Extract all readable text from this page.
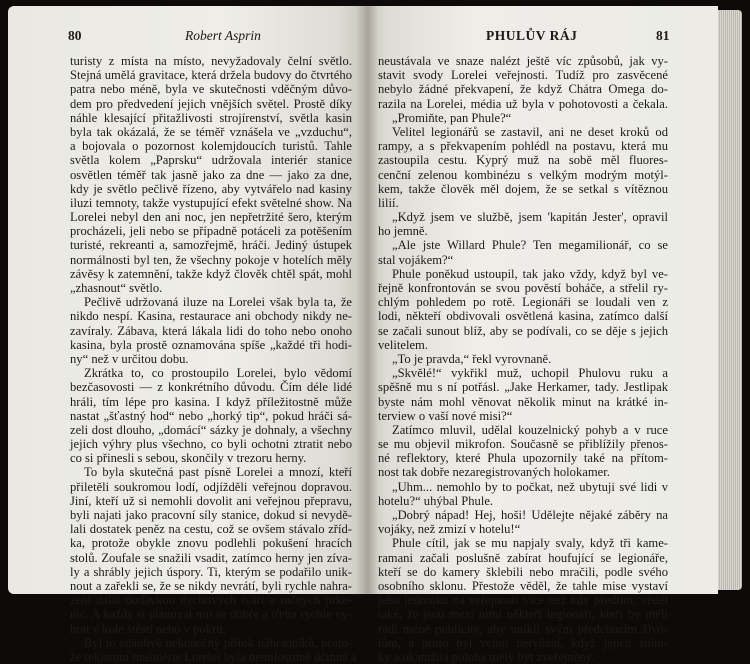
80	Robert Asprin
turisty z místa na místo, nevyžadovaly čelní světlo.
Stejná umělá gravitace, která držela budovy do čtvrtého
patra nebo méně, byla ve skutečnosti vděčným důvo-
dem pro předvedení jejich vnějších světel. Prostě díky
náhle klesající přitažlivosti strojírenství, světla kasin
byla tak okázalá, že se téměř vznášela ve „vzduchu“,
a bojovala o pozornost kolemjdoucích turistů. Tahle
světla kolem „Paprsku“ udržovala interiér stanice
osvětlen téměř tak jasně jako za dne — jako za dne,
kdy je světlo pečlivě řízeno, aby vytvářelo nad kasiny
iluzi temnoty, takže vystupující efekt světelné show. Na
Lorelei nebyl den ani noc, jen nepřetržité šero, kterým
procházeli, jeli nebo se případně potáceli za potěšením
turisté, rekreanti a, samozřejmě, hráči. Jediný ústupek
normálnosti byl ten, že všechny pokoje v hotelích měly
závěsy k zatemnění, takže když člověk chtěl spát, mohl
„zhasnout“ světlo.
Pečlivě udržovaná iluze na Lorelei však byla ta, že
nikdo nespí. Kasina, restaurace ani obchody nikdy ne-
zavíraly. Zábava, která lákala lidi do toho nebo onoho
kasina, byla prostě oznamována spíše „každé tři hodi-
ny“ než v určitou dobu.
Zkrátka to, co prostoupilo Lorelei, bylo vědomí
bezčasovosti — z konkrétního důvodu. Čím déle lidé
hráli, tím lépe pro kasina. I když příležitostně může
nastat „šťastný hod“ nebo „horký tip“, pokud hráči sá-
zeli dost dlouho, „domácí“ sázky je dohnaly, a všechny
jejich výhry plus všechno, co byli ochotni ztratit nebo
co si přinesli s sebou, skončily v trezoru herny.
To byla skutečná past písně Lorelei a mnozí, kteří
přiletěli soukromou lodí, odjížděli veřejnou dopravou.
Jiní, kteří už si nemohli dovolit ani veřejnou přepravu,
byli najati jako pracovní síly stanice, dokud si nevydě-
lali dostatek peněz na cestu, což se ovšem stávalo zříd-
ka, protože obykle znovu podlehli pokušení hracích
stolů. Zoufale se snažili vsadit, zatímco herny jen zíva-
ly a shrábly jejich úspory. Ti, kterým se podařilo unik-
nout a zařekli se, že se nikdy nevrátí, byli rychle nahra-
zeni další dodávkou dychtivých tváří a tučných prke-
nic. A každý si plánoval mít se dobře a třeba rychle vy-
hrát v kole štěstí nebo v pokru.
Byl to zdánlivě nekonečný přítok náhradníků, proto-
že reklamní mašinérie Lorelei byla nemilosrdně účinná a
PHULŮV RÁJ	81
neustávala ve snaze nalézt ještě víc způsobů, jak vy-
stavit svody Lorelei veřejnosti. Tudíž pro zasvěcené
nebylo žádné překvapení, že když Chátra Omega do-
razila na Lorelei, média už byla v pohotovosti a čekala.
„Promiňte, pan Phule?“
Velitel legionářů se zastavil, ani ne deset kroků od
rampy, a s překvapením pohlédl na postavu, která mu
zastoupila cestu. Kyprý muž na sobě měl fluores-
cenční zelenou kombinézu s velkým modrým motýl-
kem, takže člověk měl dojem, že se setkal s vítěznou
lilií.
„Když jsem ve službě, jsem 'kapitán Jester', opravil
ho jemně.
„Ale jste Willard Phule? Ten megamilionář, co se
stal vojákem?“
Phule poněkud ustoupil, tak jako vždy, když byl ve-
řejně konfrontován se svou pověstí boháče, a střelil ry-
chlým pohledem po rotě. Legionáři se loudali ven z
lodi, někteří obdivovali osvětlená kasina, zatímco další
se začali sunout blíž, aby se podívali, co se děje s jejich
velitelem.
„To je pravda,“ řekl vyrovnaně.
„Skvělé!“ vykřikl muž, uchopil Phulovu ruku a
spěšně mu s ní potřásl. „Jake Herkamer, tady. Jestlipak
byste nám mohl věnovat několik minut na krátké in-
terview o vaší nové misi?“
Zatímco mluvil, udělal kouzelnický pohyb a v ruce
se mu objevil mikrofon. Současně se přiblížily přenos-
né reflektory, které Phula upozornily také na přítom-
nost tak dobře nezaregistrovaných holokamer.
„Uhm... nemohlo by to počkat, než ubytuji své lidi v
hotelu?“ uhýbal Phule.
„Dobrý nápad! Hej, hoši! Udělejte nějaké záběry na
vojáky, než zmizí v hotelu!“
Phule cítil, jak se mu napjaly svaly, když tři kame-
ramani začali poslušně zabírat houfující se legionáře,
kteří se do kamery šklebili nebo mračili, podle svého
osobního sklonu. Přestože věděl, že tahle mise vystaví
jeho jednotku na veřejnosti více než kdy předtím, věděl
také, že jsou mezi nimi někteří legionáři, kteří by měli
rádi méně publicity, aby unikli svým předchozím živo-
tům, a proto byl velmi nervózní, když jejich sním-
ky a okamžitá poloha měly být zveřejněny.
